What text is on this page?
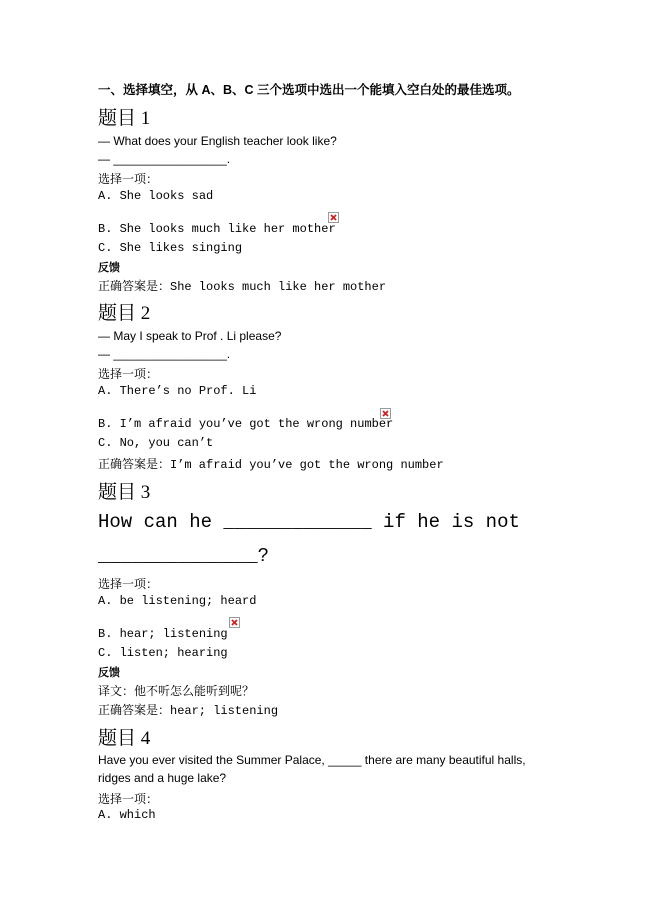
一、选择填空，从 A、B、C 三个选项中选出一个能填入空白处的最佳选项。
题目 1
— What does your English teacher look like?
— _________________.
选择一项：
A. She looks sad
B. She looks much like her mother
C. She likes singing
反馈
正确答案是：She looks much like her mother
题目 2
— May I speak to Prof . Li please?
— _________________.
选择一项：
A. There’s no Prof. Li
B. I’m afraid you’ve got the wrong number
C. No, you can’t
正确答案是：I’m afraid you’ve got the wrong number
题目 3
How can he _____________ if he is not
______________?
选择一项：
A. be listening; heard
B. hear; listening
C. listen; hearing
反馈
译文：他不听怎么能听到呢？
正确答案是：hear; listening
题目 4
Have you ever visited the Summer Palace, _____ there are many beautiful halls,
ridges and a huge lake?
选择一项：
A. which
